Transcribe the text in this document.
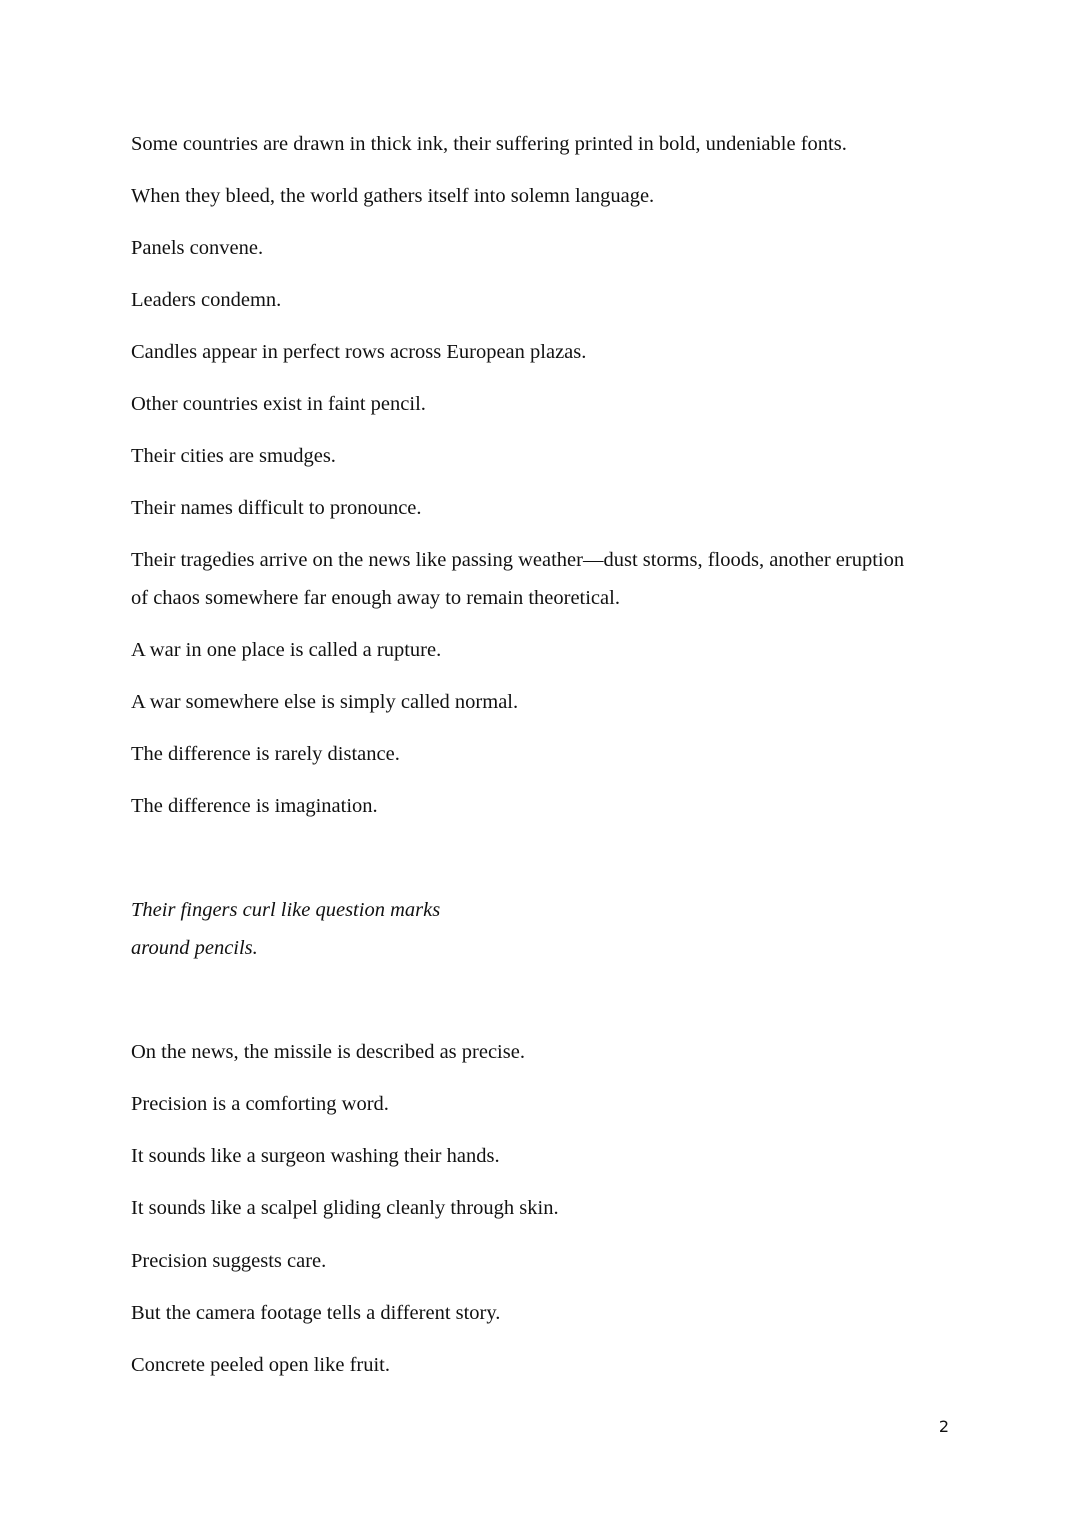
Some countries are drawn in thick ink, their suffering printed in bold, undeniable fonts.

When they bleed, the world gathers itself into solemn language.

Panels convene.

Leaders condemn.

Candles appear in perfect rows across European plazas.

Other countries exist in faint pencil.

Their cities are smudges.

Their names difficult to pronounce.

Their tragedies arrive on the news like passing weather—dust storms, floods, another eruption of chaos somewhere far enough away to remain theoretical.

A war in one place is called a rupture.

A war somewhere else is simply called normal.

The difference is rarely distance.

The difference is imagination.

Their fingers curl like question marks
around pencils.

On the news, the missile is described as precise.

Precision is a comforting word.

It sounds like a surgeon washing their hands.

It sounds like a scalpel gliding cleanly through skin.

Precision suggests care.

But the camera footage tells a different story.

Concrete peeled open like fruit.

2
